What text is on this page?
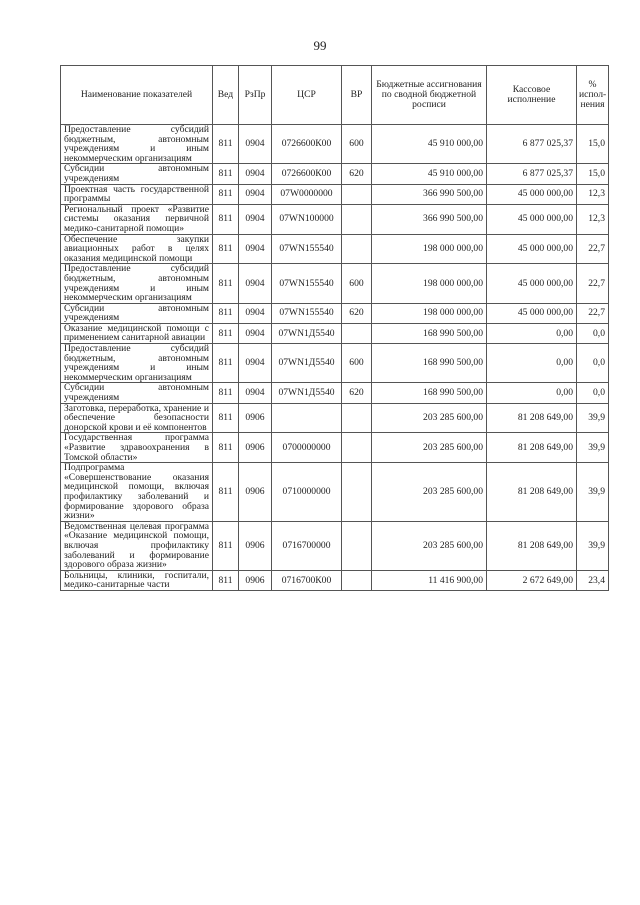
99
Наименование показателей	Вед	РзПр	ЦСР	ВР	Бюджетные ассигнования по сводной бюджетной росписи	Кассовое исполнение	% испол-нения
Предоставление субсидий бюджетным, автономным учреждениям и иным некоммерческим организациям	811	0904	0726600К00	600	45 910 000,00	6 877 025,37	15,0
Субсидии автономным учреждениям	811	0904	0726600К00	620	45 910 000,00	6 877 025,37	15,0
Проектная часть государственной программы	811	0904	07W0000000		366 990 500,00	45 000 000,00	12,3
Региональный проект «Развитие системы оказания первичной медико-санитарной помощи»	811	0904	07WN100000		366 990 500,00	45 000 000,00	12,3
Обеспечение закупки авиационных работ в целях оказания медицинской помощи	811	0904	07WN155540		198 000 000,00	45 000 000,00	22,7
Предоставление субсидий бюджетным, автономным учреждениям и иным некоммерческим организациям	811	0904	07WN155540	600	198 000 000,00	45 000 000,00	22,7
Субсидии автономным учреждениям	811	0904	07WN155540	620	198 000 000,00	45 000 000,00	22,7
Оказание медицинской помощи с применением санитарной авиации	811	0904	07WN1Д5540		168 990 500,00	0,00	0,0
Предоставление субсидий бюджетным, автономным учреждениям и иным некоммерческим организациям	811	0904	07WN1Д5540	600	168 990 500,00	0,00	0,0
Субсидии автономным учреждениям	811	0904	07WN1Д5540	620	168 990 500,00	0,00	0,0
Заготовка, переработка, хранение и обеспечение безопасности донорской крови и её компонентов	811	0906			203 285 600,00	81 208 649,00	39,9
Государственная программа «Развитие здравоохранения в Томской области»	811	0906	0700000000		203 285 600,00	81 208 649,00	39,9
Подпрограмма «Совершенствование оказания медицинской помощи, включая профилактику заболеваний и формирование здорового образа жизни»	811	0906	0710000000		203 285 600,00	81 208 649,00	39,9
Ведомственная целевая программа «Оказание медицинской помощи, включая профилактику заболеваний и формирование здорового образа жизни»	811	0906	0716700000		203 285 600,00	81 208 649,00	39,9
Больницы, клиники, госпитали, медико-санитарные части	811	0906	0716700К00		11 416 900,00	2 672 649,00	23,4
